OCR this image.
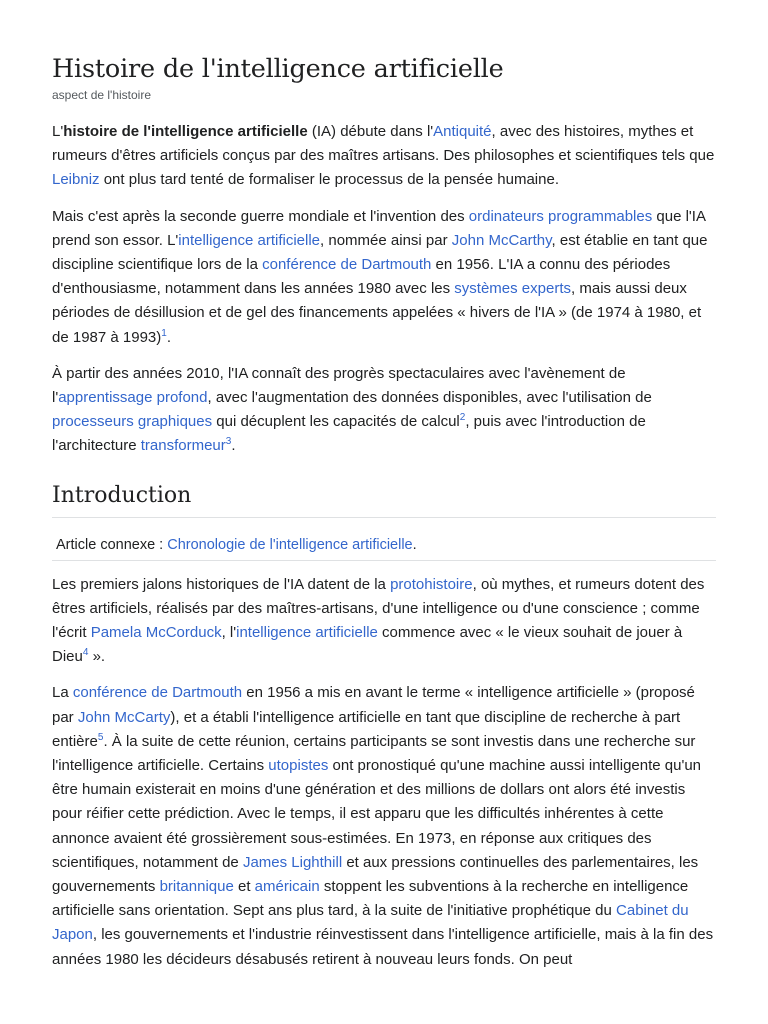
Histoire de l'intelligence artificielle
aspect de l'histoire

L'histoire de l'intelligence artificielle (IA) débute dans l'Antiquité, avec des histoires, mythes et rumeurs d'êtres artificiels conçus par des maîtres artisans. Des philosophes et scientifiques tels que Leibniz ont plus tard tenté de formaliser le processus de la pensée humaine.

Mais c'est après la seconde guerre mondiale et l'invention des ordinateurs programmables que l'IA prend son essor. L'intelligence artificielle, nommée ainsi par John McCarthy, est établie en tant que discipline scientifique lors de la conférence de Dartmouth en 1956. L'IA a connu des périodes d'enthousiasme, notamment dans les années 1980 avec les systèmes experts, mais aussi deux périodes de désillusion et de gel des financements appelées « hivers de l'IA » (de 1974 à 1980, et de 1987 à 1993)$^1$.

À partir des années 2010, l'IA connaît des progrès spectaculaires avec l'avènement de l'apprentissage profond, avec l'augmentation des données disponibles, avec l'utilisation de processeurs graphiques qui décuplent les capacités de calcul$^2$, puis avec l'introduction de l'architecture transformeur$^3$.

Introduction
Article connexe : Chronologie de l'intelligence artificielle.

Les premiers jalons historiques de l'IA datent de la protohistoire, où mythes, et rumeurs dotent des êtres artificiels, réalisés par des maîtres-artisans, d'une intelligence ou d'une conscience ; comme l'écrit Pamela McCorduck, l'intelligence artificielle commence avec « le vieux souhait de jouer à Dieu$^4$ ».

La conférence de Dartmouth en 1956 a mis en avant le terme « intelligence artificielle » (proposé par John McCarty), et a établi l'intelligence artificielle en tant que discipline de recherche à part entière$^5$. À la suite de cette réunion, certains participants se sont investis dans une recherche sur l'intelligence artificielle. Certains utopistes ont pronostiqué qu'une machine aussi intelligente qu'un être humain existerait en moins d'une génération et des millions de dollars ont alors été investis pour réifier cette prédiction. Avec le temps, il est apparu que les difficultés inhérentes à cette annonce avaient été grossièrement sous-estimées. En 1973, en réponse aux critiques des scientifiques, notamment de James Lighthill et aux pressions continuelles des parlementaires, les gouvernements britannique et américain stoppent les subventions à la recherche en intelligence artificielle sans orientation. Sept ans plus tard, à la suite de l'initiative prophétique du Cabinet du Japon, les gouvernements et l'industrie réinvestissent dans l'intelligence artificielle, mais à la fin des années 1980 les décideurs désabusés retirent à nouveau leurs fonds. On peut
